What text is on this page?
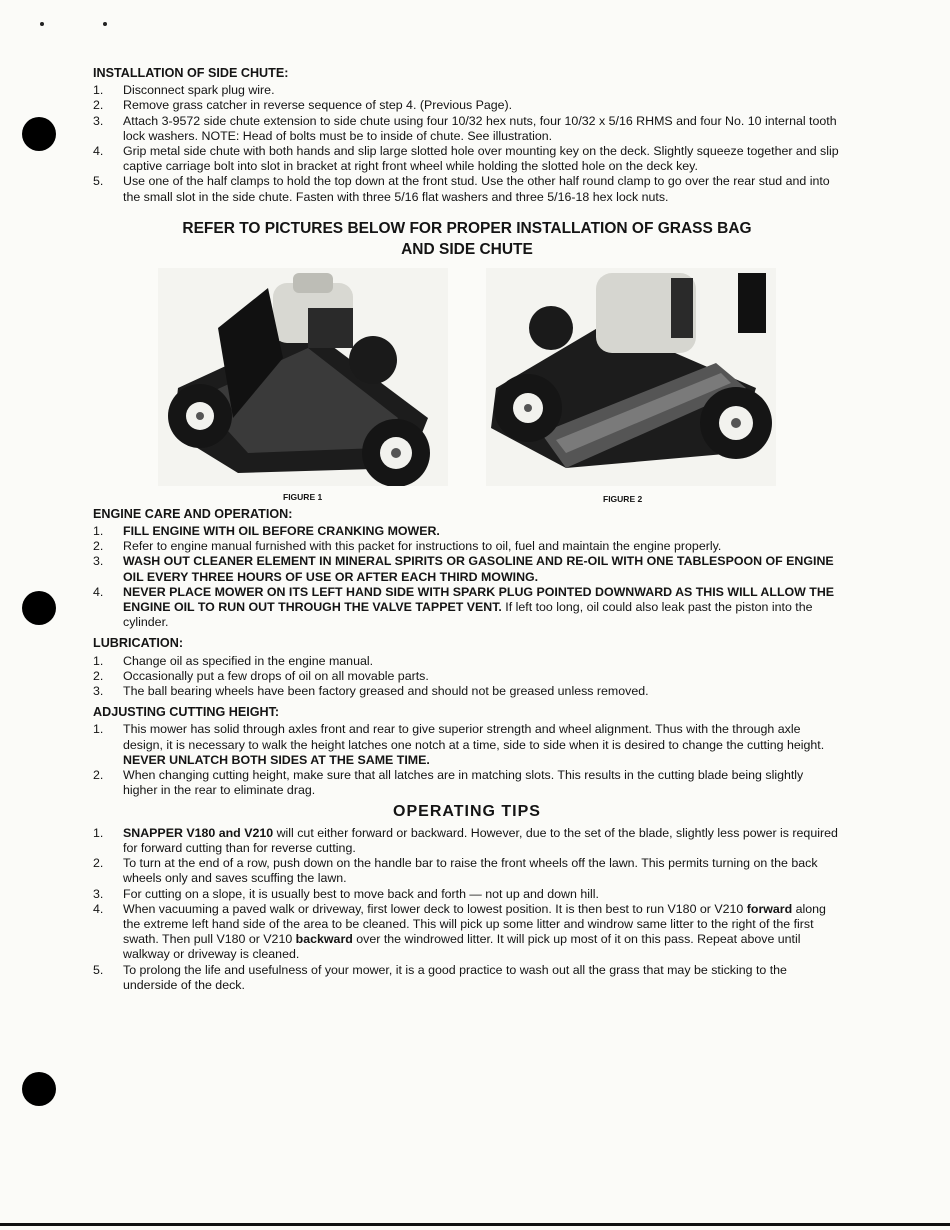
INSTALLATION OF SIDE CHUTE:
1. Disconnect spark plug wire.
2. Remove grass catcher in reverse sequence of step 4. (Previous Page).
3. Attach 3-9572 side chute extension to side chute using four 10/32 hex nuts, four 10/32 x 5/16 RHMS and four No. 10 internal tooth lock washers. NOTE: Head of bolts must be to inside of chute. See illustration.
4. Grip metal side chute with both hands and slip large slotted hole over mounting key on the deck. Slightly squeeze together and slip captive carriage bolt into slot in bracket at right front wheel while holding the slotted hole on the deck key.
5. Use one of the half clamps to hold the top down at the front stud. Use the other half round clamp to go over the rear stud and into the small slot in the side chute. Fasten with three 5/16 flat washers and three 5/16-18 hex lock nuts.
REFER TO PICTURES BELOW FOR PROPER INSTALLATION OF GRASS BAG
AND SIDE CHUTE
FIGURE 1	FIGURE 2
ENGINE CARE AND OPERATION:
1. FILL ENGINE WITH OIL BEFORE CRANKING MOWER.
2. Refer to engine manual furnished with this packet for instructions to oil, fuel and maintain the engine properly.
3. WASH OUT CLEANER ELEMENT IN MINERAL SPIRITS OR GASOLINE AND RE-OIL WITH ONE TABLESPOON OF ENGINE OIL EVERY THREE HOURS OF USE OR AFTER EACH THIRD MOWING.
4. NEVER PLACE MOWER ON ITS LEFT HAND SIDE WITH SPARK PLUG POINTED DOWNWARD AS THIS WILL ALLOW THE ENGINE OIL TO RUN OUT THROUGH THE VALVE TAPPET VENT. If left too long, oil could also leak past the piston into the cylinder.
LUBRICATION:
1. Change oil as specified in the engine manual.
2. Occasionally put a few drops of oil on all movable parts.
3. The ball bearing wheels have been factory greased and should not be greased unless removed.
ADJUSTING CUTTING HEIGHT:
1. This mower has solid through axles front and rear to give superior strength and wheel alignment. Thus with the through axle design, it is necessary to walk the height latches one notch at a time, side to side when it is desired to change the cutting height. NEVER UNLATCH BOTH SIDES AT THE SAME TIME.
2. When changing cutting height, make sure that all latches are in matching slots. This results in the cutting blade being slightly higher in the rear to eliminate drag.
OPERATING TIPS
1. SNAPPER V180 and V210 will cut either forward or backward. However, due to the set of the blade, slightly less power is required for forward cutting than for reverse cutting.
2. To turn at the end of a row, push down on the handle bar to raise the front wheels off the lawn. This permits turning on the back wheels only and saves scuffing the lawn.
3. For cutting on a slope, it is usually best to move back and forth — not up and down hill.
4. When vacuuming a paved walk or driveway, first lower deck to lowest position. It is then best to run V180 or V210 forward along the extreme left hand side of the area to be cleaned. This will pick up some litter and windrow same litter to the right of the first swath. Then pull V180 or V210 backward over the windrowed litter. It will pick up most of it on this pass. Repeat above until walkway or driveway is cleaned.
5. To prolong the life and usefulness of your mower, it is a good practice to wash out all the grass that may be sticking to the underside of the deck.
